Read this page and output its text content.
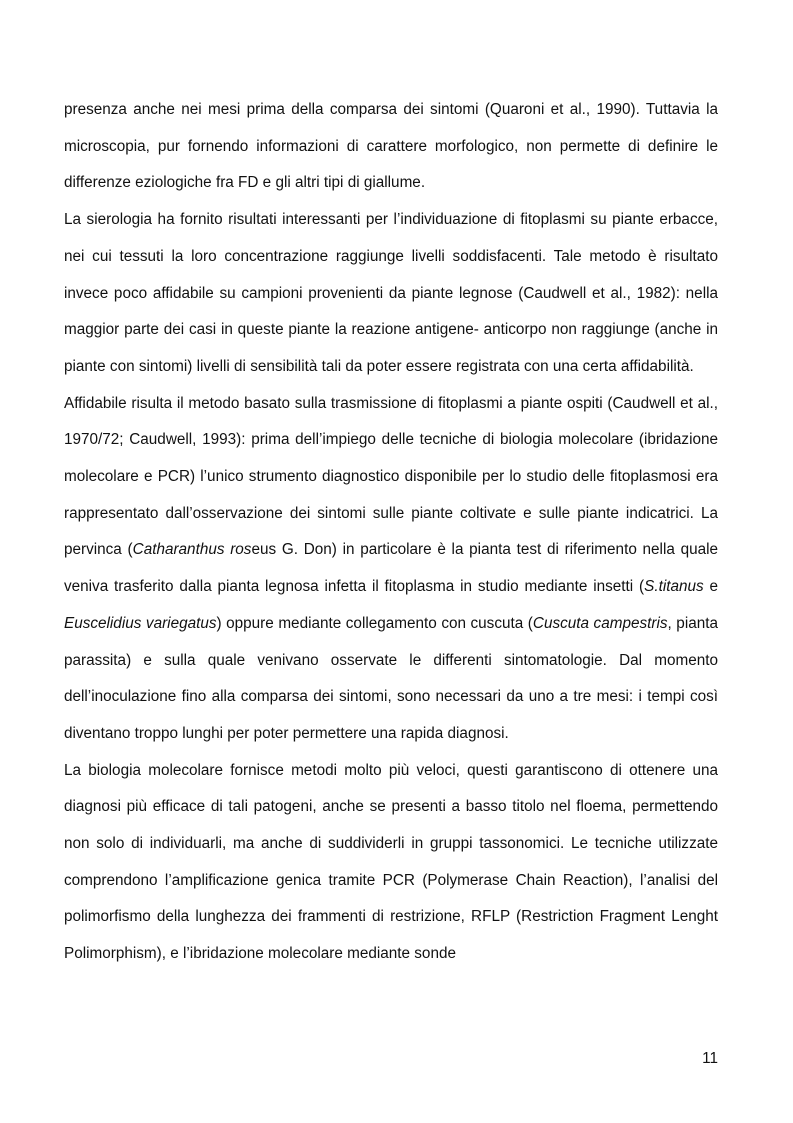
presenza anche nei mesi prima della comparsa dei sintomi (Quaroni et al., 1990). Tuttavia la microscopia, pur fornendo informazioni di carattere morfologico, non permette di definire le differenze eziologiche fra FD e gli altri tipi di giallume.

La sierologia ha fornito risultati interessanti per l’individuazione di fitoplasmi su piante erbacce, nei cui tessuti la loro concentrazione raggiunge livelli soddisfacenti. Tale metodo è risultato invece poco affidabile su campioni provenienti da piante legnose (Caudwell et al., 1982): nella maggior parte dei casi in queste piante la reazione antigene- anticorpo non raggiunge (anche in piante con sintomi) livelli di sensibilità tali da poter essere registrata con una certa affidabilità.

Affidabile risulta il metodo basato sulla trasmissione di fitoplasmi a piante ospiti (Caudwell et al., 1970/72; Caudwell, 1993): prima dell’impiego delle tecniche di biologia molecolare (ibridazione molecolare e PCR) l’unico strumento diagnostico disponibile per lo studio delle fitoplasmosi era rappresentato dall’osservazione dei sintomi sulle piante coltivate e sulle piante indicatrici. La pervinca (Catharanthus roseus G. Don) in particolare è la pianta test di riferimento nella quale veniva trasferito dalla pianta legnosa infetta il fitoplasma in studio mediante insetti (S.titanus e Euscelidius variegatus) oppure mediante collegamento con cuscuta (Cuscuta campestris, pianta parassita) e sulla quale venivano osservate le differenti sintomatologie. Dal momento dell’inoculazione fino alla comparsa dei sintomi, sono necessari da uno a tre mesi: i tempi così diventano troppo lunghi per poter permettere una rapida diagnosi.

La biologia molecolare fornisce metodi molto più veloci, questi garantiscono di ottenere una diagnosi più efficace di tali patogeni, anche se presenti a basso titolo nel floema, permettendo non solo di individuarli, ma anche di suddividerli in gruppi tassonomici. Le tecniche utilizzate comprendono l’amplificazione genica tramite PCR (Polymerase Chain Reaction), l’analisi del polimorfismo della lunghezza dei frammenti di restrizione, RFLP (Restriction Fragment Lenght Polimorphism), e l’ibridazione molecolare mediante sonde

11
